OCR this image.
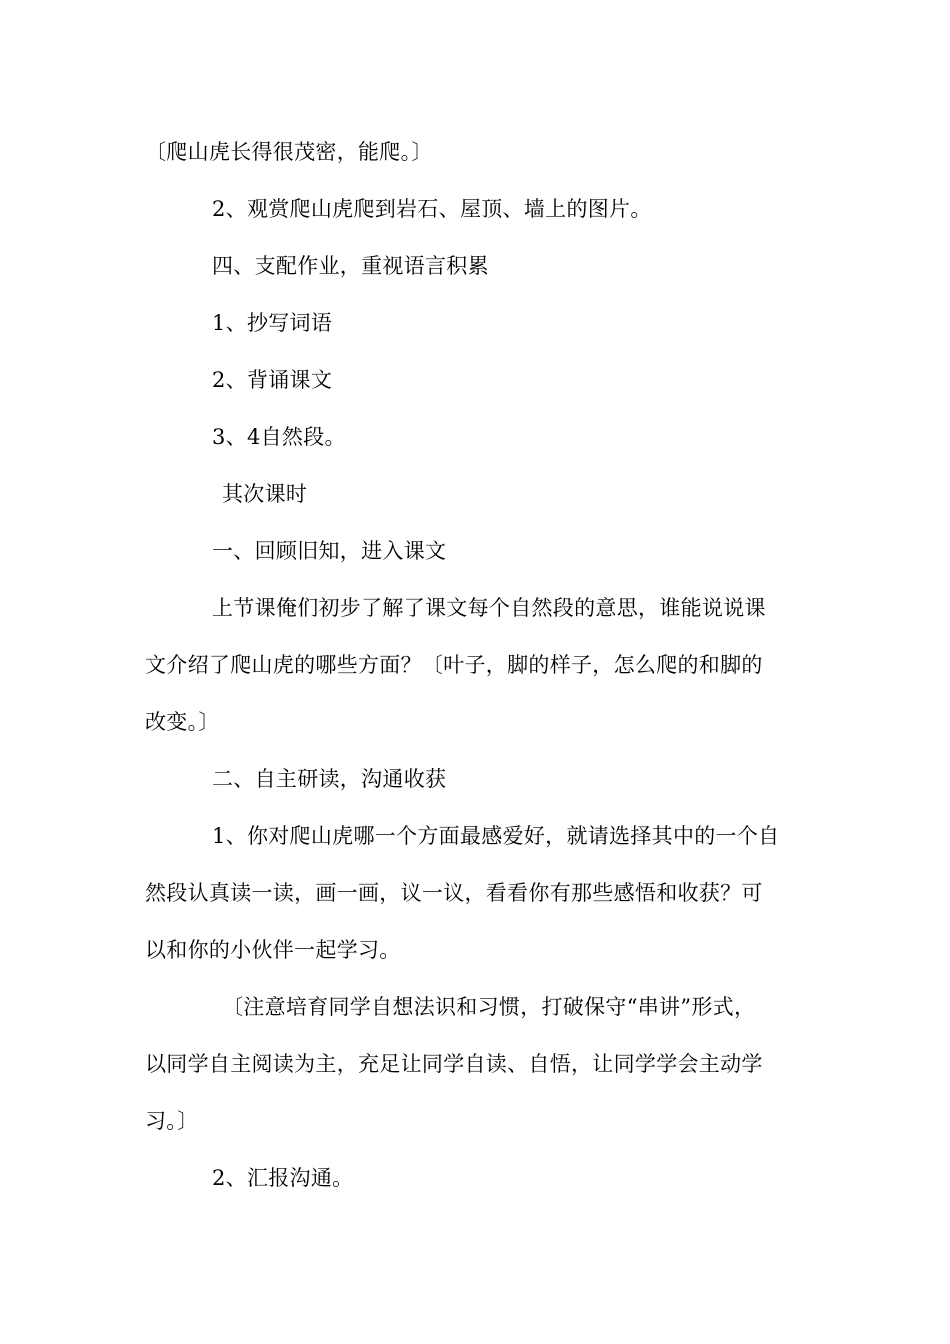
〔爬山虎长得很茂密，能爬。〕
2、观赏爬山虎爬到岩石、屋顶、墙上的图片。
四、支配作业，重视语言积累
1、抄写词语
2、背诵课文
3、4自然段。
其次课时
一、回顾旧知，进入课文
上节课俺们初步了解了课文每个自然段的意思，谁能说说课
文介绍了爬山虎的哪些方面？〔叶子，脚的样子，怎么爬的和脚的
改变。〕
二、自主研读，沟通收获
1、你对爬山虎哪一个方面最感爱好，就请选择其中的一个自
然段认真读一读，画一画，议一议，看看你有那些感悟和收获？可
以和你的小伙伴一起学习。
〔注意培育同学自想法识和习惯，打破保守“串讲”形式，
以同学自主阅读为主，充足让同学自读、自悟，让同学学会主动学
习。〕
2、汇报沟通。
